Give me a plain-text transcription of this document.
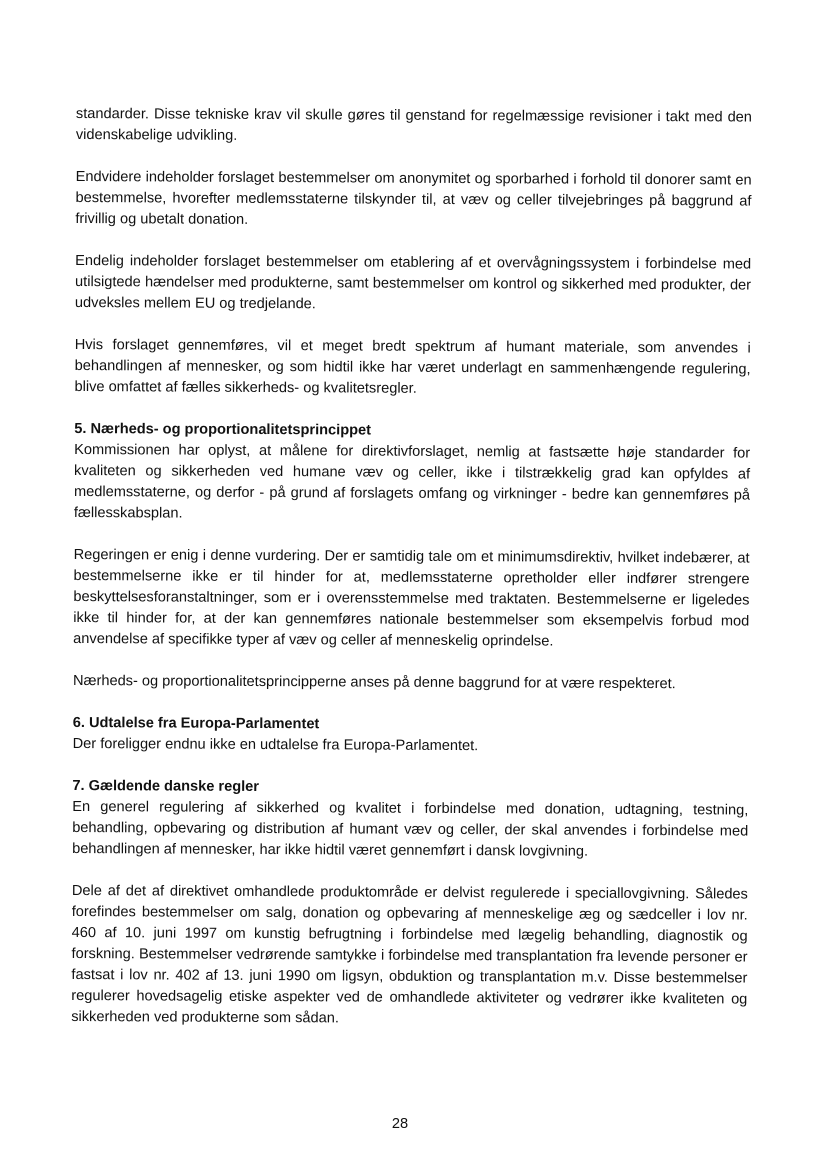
standarder. Disse tekniske krav vil skulle gøres til genstand for regelmæssige revisioner i takt med den videnskabelige udvikling.

Endvidere indeholder forslaget bestemmelser om anonymitet og sporbarhed i forhold til donorer samt en bestemmelse, hvorefter medlemsstaterne tilskynder til, at væv og celler tilvejebringes på baggrund af frivillig og ubetalt donation.

Endelig indeholder forslaget bestemmelser om etablering af et overvågningssystem i forbindelse med utilsigtede hændelser med produkterne, samt bestemmelser om kontrol og sikkerhed med produkter, der udveksles mellem EU og tredjelande.

Hvis forslaget gennemføres, vil et meget bredt spektrum af humant materiale, som anvendes i behandlingen af mennesker, og som hidtil ikke har været underlagt en sammenhængende regulering, blive omfattet af fælles sikkerheds- og kvalitetsregler.

5. Nærheds- og proportionalitetsprincippet

Kommissionen har oplyst, at målene for direktivforslaget, nemlig at fastsætte høje standarder for kvaliteten og sikkerheden ved humane væv og celler, ikke i tilstrækkelig grad kan opfyldes af medlemsstaterne, og derfor - på grund af forslagets omfang og virkninger - bedre kan gennemføres på fællesskabsplan.

Regeringen er enig i denne vurdering. Der er samtidig tale om et minimumsdirektiv, hvilket indebærer, at bestemmelserne ikke er til hinder for at, medlemsstaterne opretholder eller indfører strengere beskyttelsesforanstaltninger, som er i overensstemmelse med traktaten. Bestemmelserne er ligeledes ikke til hinder for, at der kan gennemføres nationale bestemmelser som eksempelvis forbud mod anvendelse af specifikke typer af væv og celler af menneskelig oprindelse.

Nærheds- og proportionalitetsprincipperne anses på denne baggrund for at være respekteret.

6. Udtalelse fra Europa-Parlamentet

Der foreligger endnu ikke en udtalelse fra Europa-Parlamentet.

7. Gældende danske regler

En generel regulering af sikkerhed og kvalitet i forbindelse med donation, udtagning, testning, behandling, opbevaring og distribution af humant væv og celler, der skal anvendes i forbindelse med behandlingen af mennesker, har ikke hidtil været gennemført i dansk lovgivning.

Dele af det af direktivet omhandlede produktområde er delvist regulerede i speciallovgivning. Således forefindes bestemmelser om salg, donation og opbevaring af menneskelige æg og sædceller i lov nr. 460 af 10. juni 1997 om kunstig befrugtning i forbindelse med lægelig behandling, diagnostik og forskning. Bestemmelser vedrørende samtykke i forbindelse med transplantation fra levende personer er fastsat i lov nr. 402 af 13. juni 1990 om ligsyn, obduktion og transplantation m.v. Disse bestemmelser regulerer hovedsagelig etiske aspekter ved de omhandlede aktiviteter og vedrører ikke kvaliteten og sikkerheden ved produkterne som sådan.

28
